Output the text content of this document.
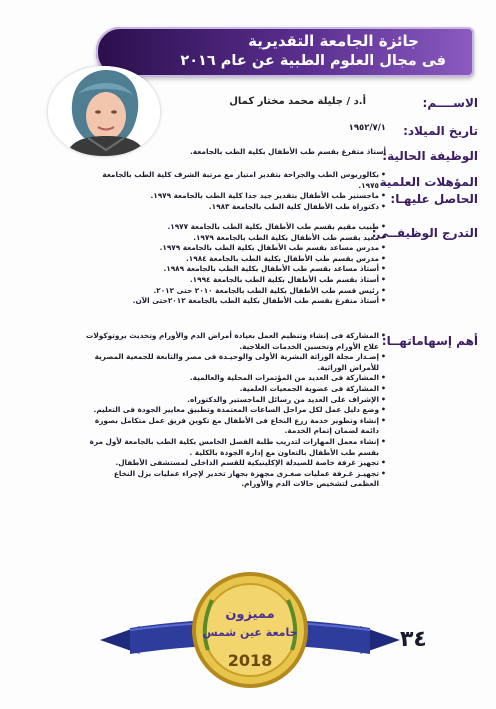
جائزة الجامعة التقديرية
فى مجال العلوم الطبية عن عام ٢٠١٦
الاســــم:
أ.د / جليلة محمد مختار كمال
تاريخ الميلاد:
١٩٥٢/٧/١
الوظيفة الحالية:
أستاذ متفرغ بقسم طب الأطفال بكلية الطب بالجامعة.
المؤهلات العلمية
الحاصل عليهـا:
• بكالوريوس الطب والجراحة بتقدير امتياز مع مرتبة الشرف كلية الطب بالجامعة ١٩٧٥.
• ماجستير طب الأطفال بتقدير جيد جدا كلية الطب بالجامعة ١٩٧٩.
• دكتوراة طب الأطفال كلية الطب بالجامعة ١٩٨٣.
التدرج الوظيفــى:
• طبيب مقيم بقسم طب الأطفال بكلية الطب بالجامعة ١٩٧٧.
• معيد بقسم طب الأطفال بكلية الطب بالجامعة ١٩٧٩.
• مدرس مساعد بقسم طب الأطفال بكلية الطب بالجامعة ١٩٧٩.
• مدرس بقسم طب الأطفال بكلية الطب بالجامعة ١٩٨٤.
• أستاذ مساعد بقسم طب الأطفال بكلية الطب بالجامعة ١٩٨٩.
• أستاذ بقسم طب الأطفال بكلية الطب بالجامعة ١٩٩٤.
• رئيس قسم طب الأطفال بكلية الطب بالجامعة ٢٠١٠ حتى ٢٠١٢.
• أستاذ متفرغ بقسم طب الأطفال بكلية الطب بالجامعة ٢٠١٢حتى الآن.
أهم إسهاماتهــا:
• المشاركة فى إنشاء وتنظيم العمل بعيادة أمراض الدم والأورام وتحديث بروتوكولات علاج الأورام وتحسين الخدمات العلاجية.
• إصـدار مجلة الوراثة البشرية الأولى والوحيـدة فى مصر والتابعة للجمعية المصرية للأمراض الوراثية.
• المشاركة فى العديد من المؤتمرات المحلية والعالمية.
• المشاركة فى عضوية الجمعيات العلمية.
• الإشراف على العديد من رسائل الماجستير والدكتوراه.
• وضع دليل عمل لكل مراحل الساعات المعتمدة وتطبيق معايير الجودة فى التعليم.
• إنشاء وتطوير خدمة زرع النخاع فى الأطفال مع تكوين فريق عمل متكامل بصورة دائمة لضمان إتمام الخدمة.
• إنشاء معمل المهارات لتدريب طلبة الفصل الخامس بكلية الطب بالجامعة لأول مرة بقسم طب الأطفال بالتعاون مع إدارة الجودة بالكلية .
• تجهيز غرفة خاصة للصيدلة الإكلينيكية للقسم الداخلى لمستشفى الأطفال.
• تجهيـز غـرفة عمليات صغـرى مجهزة بجهاز تخدير لإجراء عمليات بزل النخاع العظمى لتشخيص حالات الدم والأورام.
مميزون
جامعة عين شمس
2018
٣٤
